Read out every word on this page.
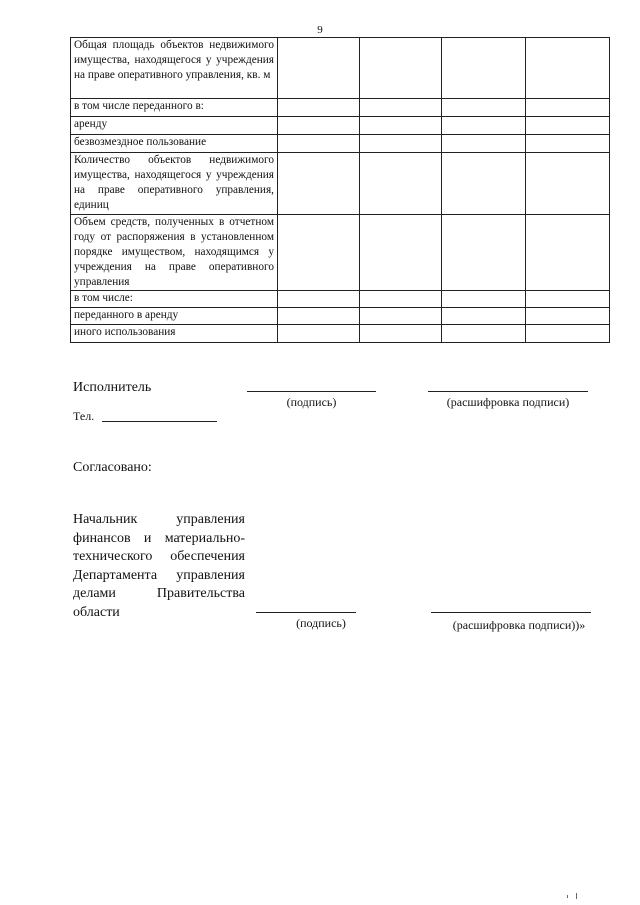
9
Общая площадь объектов недвижимого имущества, находящегося у учреждения на праве оперативного управления, кв. м				
в том числе переданного в:				
аренду				
безвозмездное пользование				
Количество объектов недвижимого имущества, находящегося у учреждения на праве оперативного управления, единиц				
Объем средств, полученных в отчетном году от распоряжения в установленном порядке имуществом, находящимся у учреждения на праве оперативного управления				
в том числе:				
переданного в аренду				
иного использования				
Исполнитель
(подпись)	(расшифровка подписи)
Тел.
Согласовано:
Начальник управления финансов и материально-технического обеспечения Департамента управления делами Правительства области
(подпись)	(расшифровка подписи))»
